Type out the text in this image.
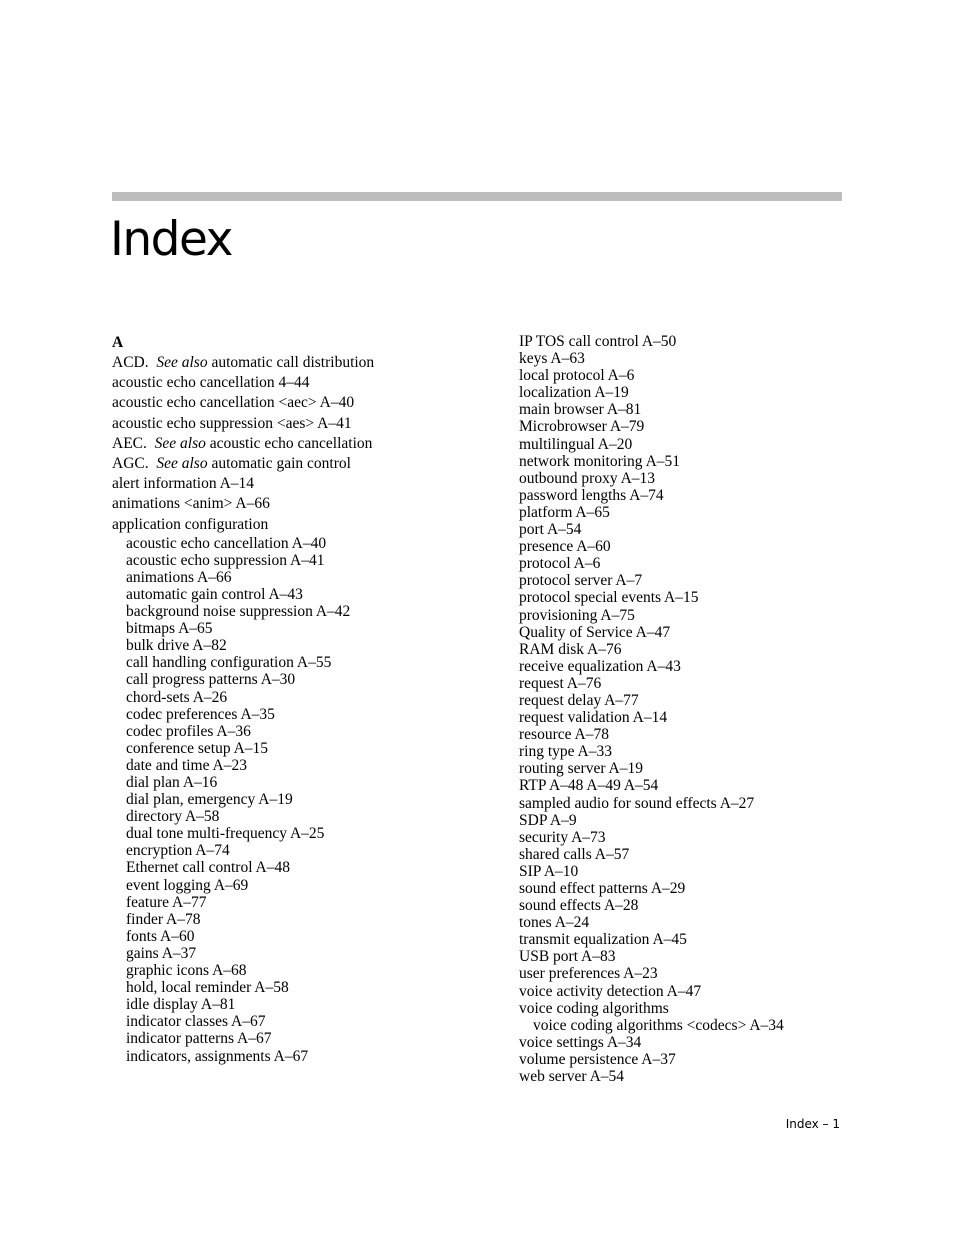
Index
A
ACD. See also automatic call distribution
acoustic echo cancellation 4–44
acoustic echo cancellation <aec> A–40
acoustic echo suppression <aes> A–41
AEC. See also acoustic echo cancellation
AGC. See also automatic gain control
alert information A–14
animations <anim> A–66
application configuration
acoustic echo cancellation A–40
acoustic echo suppression A–41
animations A–66
automatic gain control A–43
background noise suppression A–42
bitmaps A–65
bulk drive A–82
call handling configuration A–55
call progress patterns A–30
chord-sets A–26
codec preferences A–35
codec profiles A–36
conference setup A–15
date and time A–23
dial plan A–16
dial plan, emergency A–19
directory A–58
dual tone multi-frequency A–25
encryption A–74
Ethernet call control A–48
event logging A–69
feature A–77
finder A–78
fonts A–60
gains A–37
graphic icons A–68
hold, local reminder A–58
idle display A–81
indicator classes A–67
indicator patterns A–67
indicators, assignments A–67
IP TOS call control A–50
keys A–63
local protocol A–6
localization A–19
main browser A–81
Microbrowser A–79
multilingual A–20
network monitoring A–51
outbound proxy A–13
password lengths A–74
platform A–65
port A–54
presence A–60
protocol A–6
protocol server A–7
protocol special events A–15
provisioning A–75
Quality of Service A–47
RAM disk A–76
receive equalization A–43
request A–76
request delay A–77
request validation A–14
resource A–78
ring type A–33
routing server A–19
RTP A–48 A–49 A–54
sampled audio for sound effects A–27
SDP A–9
security A–73
shared calls A–57
SIP A–10
sound effect patterns A–29
sound effects A–28
tones A–24
transmit equalization A–45
USB port A–83
user preferences A–23
voice activity detection A–47
voice coding algorithms
voice coding algorithms <codecs> A–34
voice settings A–34
volume persistence A–37
web server A–54
Index – 1
